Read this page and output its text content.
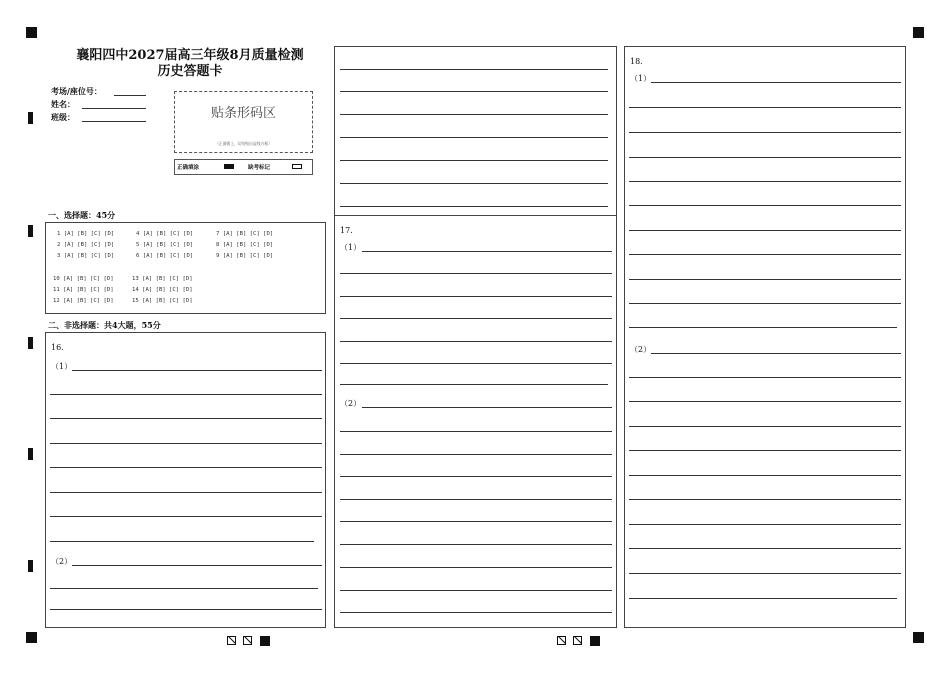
襄阳四中2027届高三年级8月质量检测
历史答题卡
考场/座位号：
姓名：
班级：	贴条形码区
（正面朝上，切勿贴出虚线方框）
正确填涂	缺考标记
一、选择题：45分
1 [A] [B] [C] [D]	4 [A] [B] [C] [D]	7 [A] [B] [C] [D]
2 [A] [B] [C] [D]	5 [A] [B] [C] [D]	8 [A] [B] [C] [D]
3 [A] [B] [C] [D]	6 [A] [B] [C] [D]	9 [A] [B] [C] [D]
10 [A] [B] [C] [D]	13 [A] [B] [C] [D]
11 [A] [B] [C] [D]	14 [A] [B] [C] [D]
12 [A] [B] [C] [D]	15 [A] [B] [C] [D]
二、非选择题：共4大题，55分
16.
（1）
（2）
17.
（1）
（2）
18.
（1）
（2）
